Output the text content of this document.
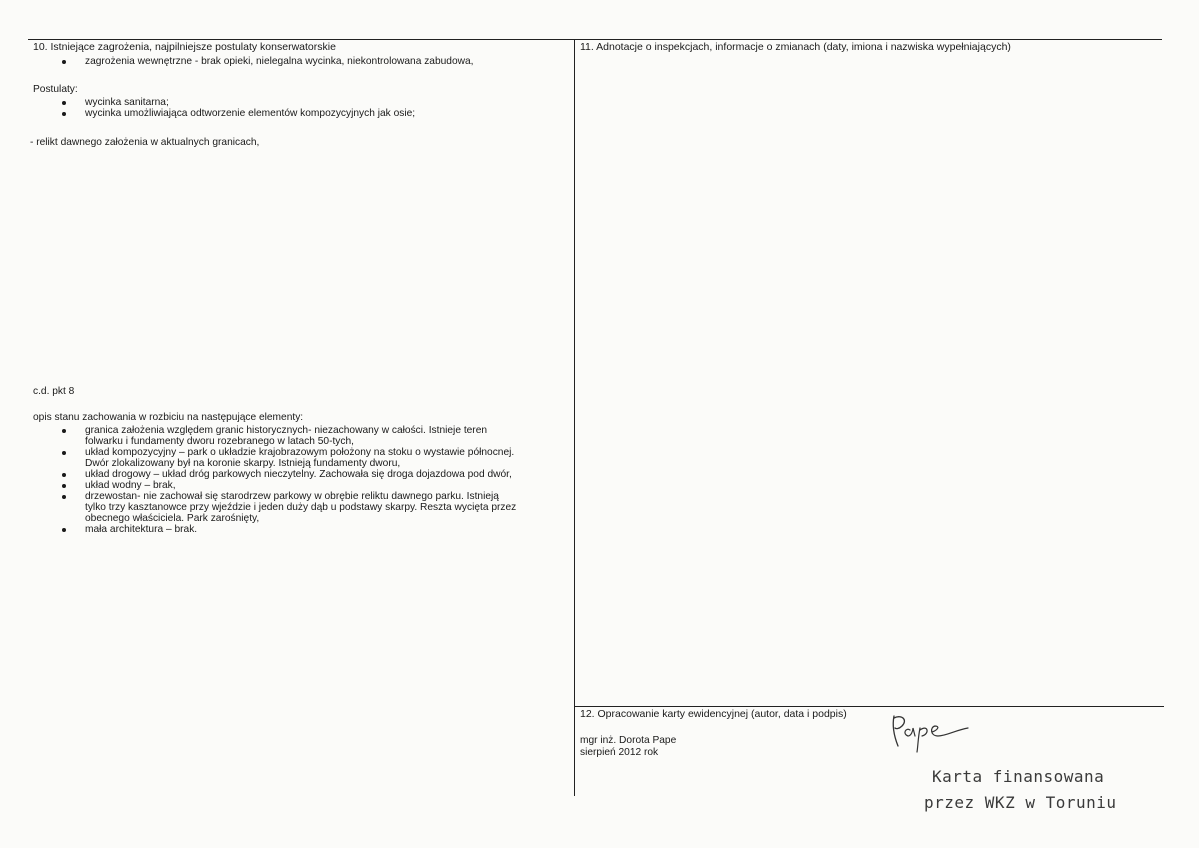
10. Istniejące zagrożenia, najpilniejsze postulaty konserwatorskie
zagrożenia wewnętrzne - brak opieki, nielegalna wycinka, niekontrolowana zabudowa,
Postulaty:
wycinka sanitarna;
wycinka umożliwiająca odtworzenie elementów kompozycyjnych jak osie;
- relikt dawnego założenia w aktualnych granicach,
c.d. pkt 8
opis stanu zachowania w rozbiciu na następujące elementy:
granica założenia względem granic historycznych- niezachowany w całości. Istnieje teren
folwarku i fundamenty dworu rozebranego w latach 50-tych,
układ kompozycyjny – park o układzie krajobrazowym położony na stoku o wystawie północnej.
Dwór zlokalizowany był na koronie skarpy. Istnieją fundamenty dworu,
układ drogowy – układ dróg parkowych nieczytelny. Zachowała się droga dojazdowa pod dwór,
układ wodny – brak,
drzewostan- nie zachował się starodrzew parkowy w obrębie reliktu dawnego parku. Istnieją
tylko trzy kasztanowce przy wjeździe i jeden duży dąb u podstawy skarpy. Reszta wycięta przez
obecnego właściciela. Park zarośnięty,
mała architektura – brak.
11. Adnotacje o inspekcjach, informacje o zmianach (daty, imiona i nazwiska wypełniających)
12. Opracowanie karty ewidencyjnej (autor, data i podpis)
mgr inż. Dorota Pape
sierpień 2012 rok
Karta finansowana
przez WKZ w Toruniu
